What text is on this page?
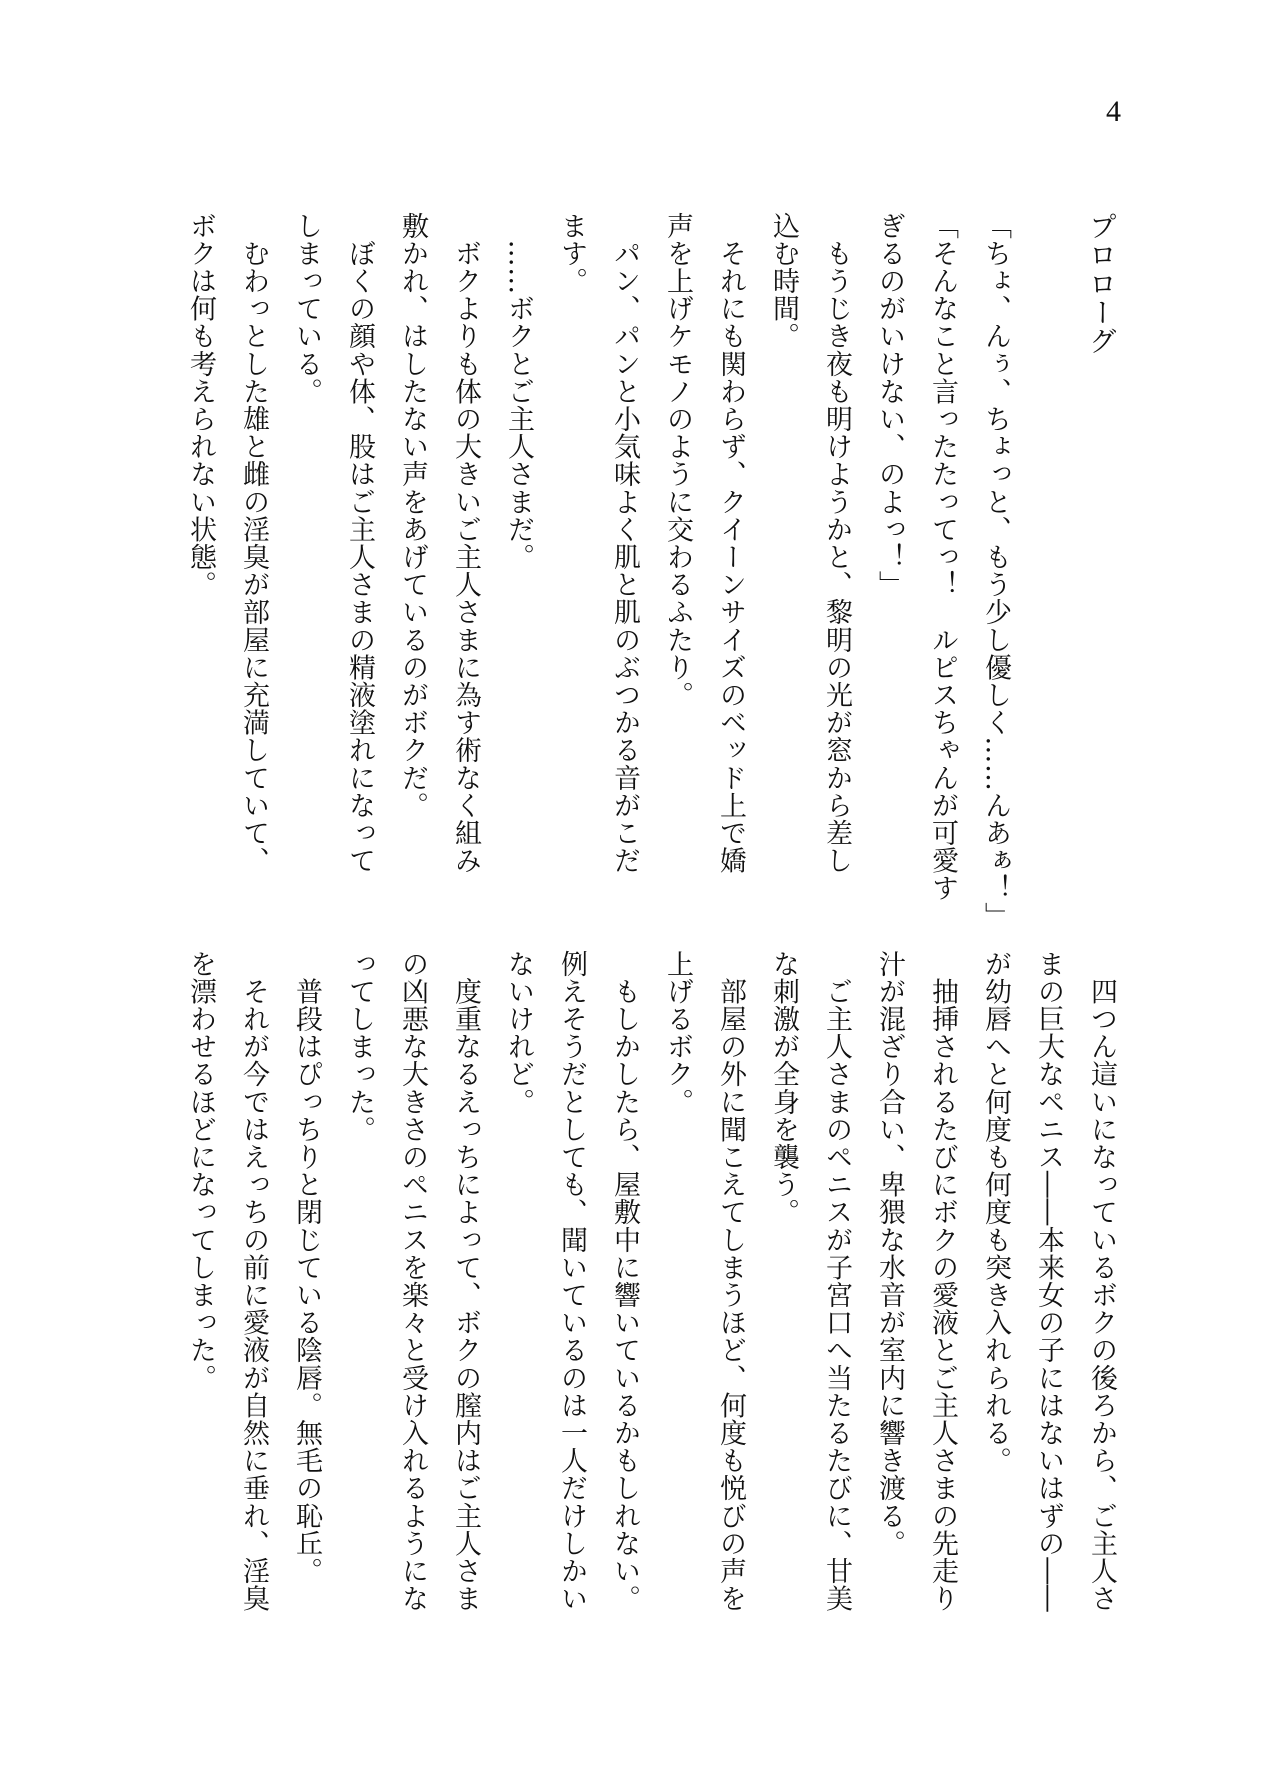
4
プロローグ

「ちょ、んぅ、ちょっと、もう少し優しく……んあぁ！」
「そんなこと言ったたってっ！　ルピスちゃんが可愛す
ぎるのがいけない、のよっ！」
　もうじき夜も明けようかと、黎明の光が窓から差し
込む時間。
　それにも関わらず、クイーンサイズのベッド上で嬌
声を上げケモノのように交わるふたり。
　パン、パンと小気味よく肌と肌のぶつかる音がこだ
ます。
　……ボクとご主人さまだ。
　ボクよりも体の大きいご主人さまに為す術なく組み
敷かれ、はしたない声をあげているのがボクだ。
　ぼくの顔や体、股はご主人さまの精液塗れになって
しまっている。
　むわっとした雄と雌の淫臭が部屋に充満していて、
ボクは何も考えられない状態。
　四つん這いになっているボクの後ろから、ご主人さ
まの巨大なペニス――本来女の子にはないはずの――
が幼唇へと何度も何度も突き入れられる。
　抽挿されるたびにボクの愛液とご主人さまの先走り
汁が混ざり合い、卑猥な水音が室内に響き渡る。
　ご主人さまのペニスが子宮口へ当たるたびに、甘美
な刺激が全身を襲う。
　部屋の外に聞こえてしまうほど、何度も悦びの声を
上げるボク。
　もしかしたら、屋敷中に響いているかもしれない。
例えそうだとしても、聞いているのは一人だけしかい
ないけれど。
　度重なるえっちによって、ボクの膣内はご主人さま
の凶悪な大きさのペニスを楽々と受け入れるようにな
ってしまった。
　普段はぴっちりと閉じている陰唇。無毛の恥丘。
　それが今ではえっちの前に愛液が自然に垂れ、淫臭
を漂わせるほどになってしまった。
